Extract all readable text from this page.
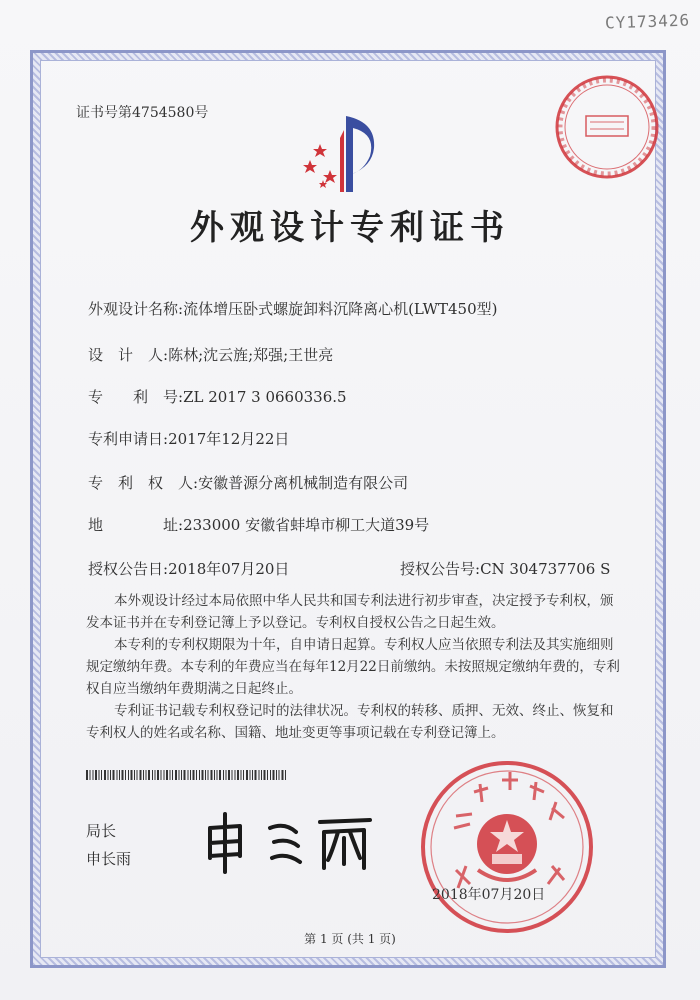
CY173426
证书号第4754580号
外观设计专利证书
外观设计名称:流体增压卧式螺旋卸料沉降离心机(LWT450型)
设　计　人:陈林;沈云旌;郑强;王世亮
专　　利　号:ZL 2017 3 0660336.5
专利申请日:2017年12月22日
专　利　权　人:安徽普源分离机械制造有限公司
地　　　　址:233000 安徽省蚌埠市柳工大道39号
授权公告日:2018年07月20日	授权公告号:CN 304737706 S
本外观设计经过本局依照中华人民共和国专利法进行初步审查，决定授予专利权，颁发本证书并在专利登记簿上予以登记。专利权自授权公告之日起生效。
本专利的专利权期限为十年，自申请日起算。专利权人应当依照专利法及其实施细则规定缴纳年费。本专利的年费应当在每年12月22日前缴纳。未按照规定缴纳年费的，专利权自应当缴纳年费期满之日起终止。
专利证书记载专利权登记时的法律状况。专利权的转移、质押、无效、终止、恢复和专利权人的姓名或名称、国籍、地址变更等事项记载在专利登记簿上。
局长
申长雨
2018年07月20日
第 1 页 (共 1 页)
